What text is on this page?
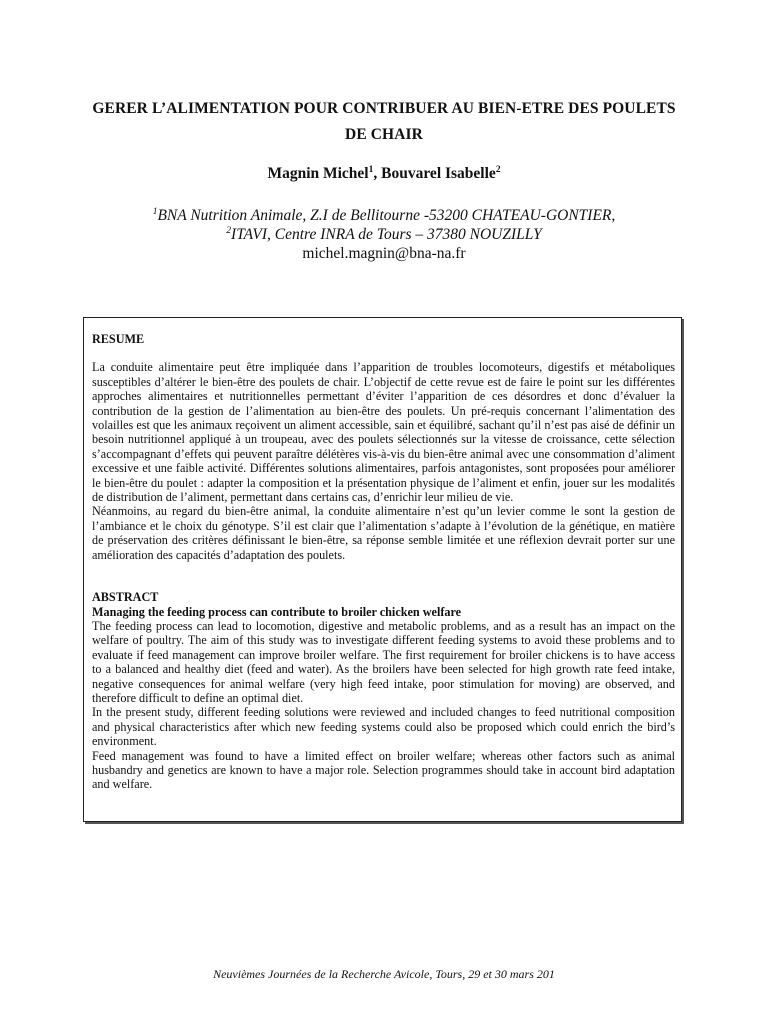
GERER L’ALIMENTATION POUR CONTRIBUER AU BIEN-ETRE DES POULETS
DE CHAIR
Magnin Michel$^1$, Bouvarel Isabelle$^2$
$^1$BNA Nutrition Animale, Z.I de Bellitourne -53200 CHATEAU-GONTIER,
$^2$ITAVI, Centre INRA de Tours – 37380 NOUZILLY
michel.magnin@bna-na.fr
RESUME

La conduite alimentaire peut être impliquée dans l’apparition de troubles locomoteurs, digestifs et métaboliques susceptibles d’altérer le bien-être des poulets de chair. L’objectif de cette revue est de faire le point sur les différentes approches alimentaires et nutritionnelles permettant d’éviter l’apparition de ces désordres et donc d’évaluer la contribution de la gestion de l’alimentation au bien-être des poulets. Un pré-requis concernant l’alimentation des volailles est que les animaux reçoivent un aliment accessible, sain et équilibré, sachant qu’il n’est pas aisé de définir un besoin nutritionnel appliqué à un troupeau, avec des poulets sélectionnés sur la vitesse de croissance, cette sélection s’accompagnant d’effets qui peuvent paraître délétères vis-à-vis du bien-être animal avec une consommation d’aliment excessive et une faible activité. Différentes solutions alimentaires, parfois antagonistes, sont proposées pour améliorer le bien-être du poulet : adapter la composition et la présentation physique de l’aliment et enfin, jouer sur les modalités de distribution de l’aliment, permettant dans certains cas, d’enrichir leur milieu de vie.

Néanmoins, au regard du bien-être animal, la conduite alimentaire n’est qu’un levier comme le sont la gestion de l’ambiance et le choix du génotype. S’il est clair que l’alimentation s’adapte à l’évolution de la génétique, en matière de préservation des critères définissant le bien-être, sa réponse semble limitée et une réflexion devrait porter sur une amélioration des capacités d’adaptation des poulets.

ABSTRACT
Managing the feeding process can contribute to broiler chicken welfare

The feeding process can lead to locomotion, digestive and metabolic problems, and as a result has an impact on the welfare of poultry. The aim of this study was to investigate different feeding systems to avoid these problems and to evaluate if feed management can improve broiler welfare. The first requirement for broiler chickens is to have access to a balanced and healthy diet (feed and water). As the broilers have been selected for high growth rate feed intake, negative consequences for animal welfare (very high feed intake, poor stimulation for moving) are observed, and therefore difficult to define an optimal diet.

In the present study, different feeding solutions were reviewed and included changes to feed nutritional composition and physical characteristics after which new feeding systems could also be proposed which could enrich the bird’s environment.

Feed management was found to have a limited effect on broiler welfare; whereas other factors such as animal husbandry and genetics are known to have a major role. Selection programmes should take in account bird adaptation and welfare.

Neuvièmes Journées de la Recherche Avicole, Tours, 29 et 30 mars 201
